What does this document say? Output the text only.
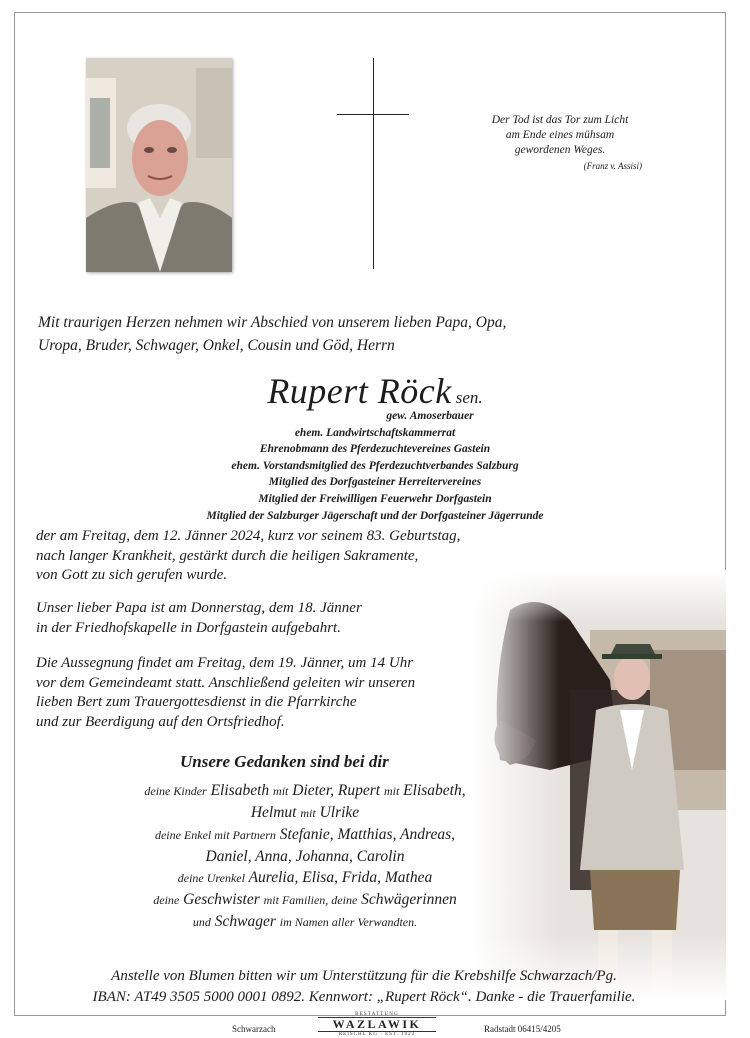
Der Tod ist das Tor zum Licht
am Ende eines mühsam
gewordenen Weges.
(Franz v. Assisi)
Mit traurigen Herzen nehmen wir Abschied von unserem lieben Papa, Opa,
Uropa, Bruder, Schwager, Onkel, Cousin und Göd, Herrn
Rupert Röck sen.
gew. Amoserbauer
ehem. Landwirtschaftskammerrat
Ehrenobmann des Pferdezuchtevereines Gastein
ehem. Vorstandsmitglied des Pferdezuchtverbandes Salzburg
Mitglied des Dorfgasteiner Herreitervereines
Mitglied der Freiwilligen Feuerwehr Dorfgastein
Mitglied der Salzburger Jägerschaft und der Dorfgasteiner Jägerrunde
der am Freitag, dem 12. Jänner 2024, kurz vor seinem 83. Geburtstag,
nach langer Krankheit, gestärkt durch die heiligen Sakramente,
von Gott zu sich gerufen wurde.
Unser lieber Papa ist am Donnerstag, dem 18. Jänner
in der Friedhofskapelle in Dorfgastein aufgebahrt.
Die Aussegnung findet am Freitag, dem 19. Jänner, um 14 Uhr
vor dem Gemeindeamt statt. Anschließend geleiten wir unseren
lieben Bert zum Trauergottesdienst in die Pfarrkirche
und zur Beerdigung auf den Ortsfriedhof.
Unsere Gedanken sind bei dir
deine Kinder Elisabeth mit Dieter, Rupert mit Elisabeth,
Helmut mit Ulrike
deine Enkel mit Partnern Stefanie, Matthias, Andreas,
Daniel, Anna, Johanna, Carolin
deine Urenkel Aurelia, Elisa, Frida, Mathea
deine Geschwister mit Familien, deine Schwägerinnen
und Schwager im Namen aller Verwandten.
Anstelle von Blumen bitten wir um Unterstützung für die Krebshilfe Schwarzach/Pg.
IBAN: AT49 3505 5000 0001 0892. Kennwort: „Rupert Röck“. Danke - die Trauerfamilie.
Schwarzach
BESTATTUNG
WAZLAWIK
REISCHL KG · EST. 1922
Radstadt 06415/4205
